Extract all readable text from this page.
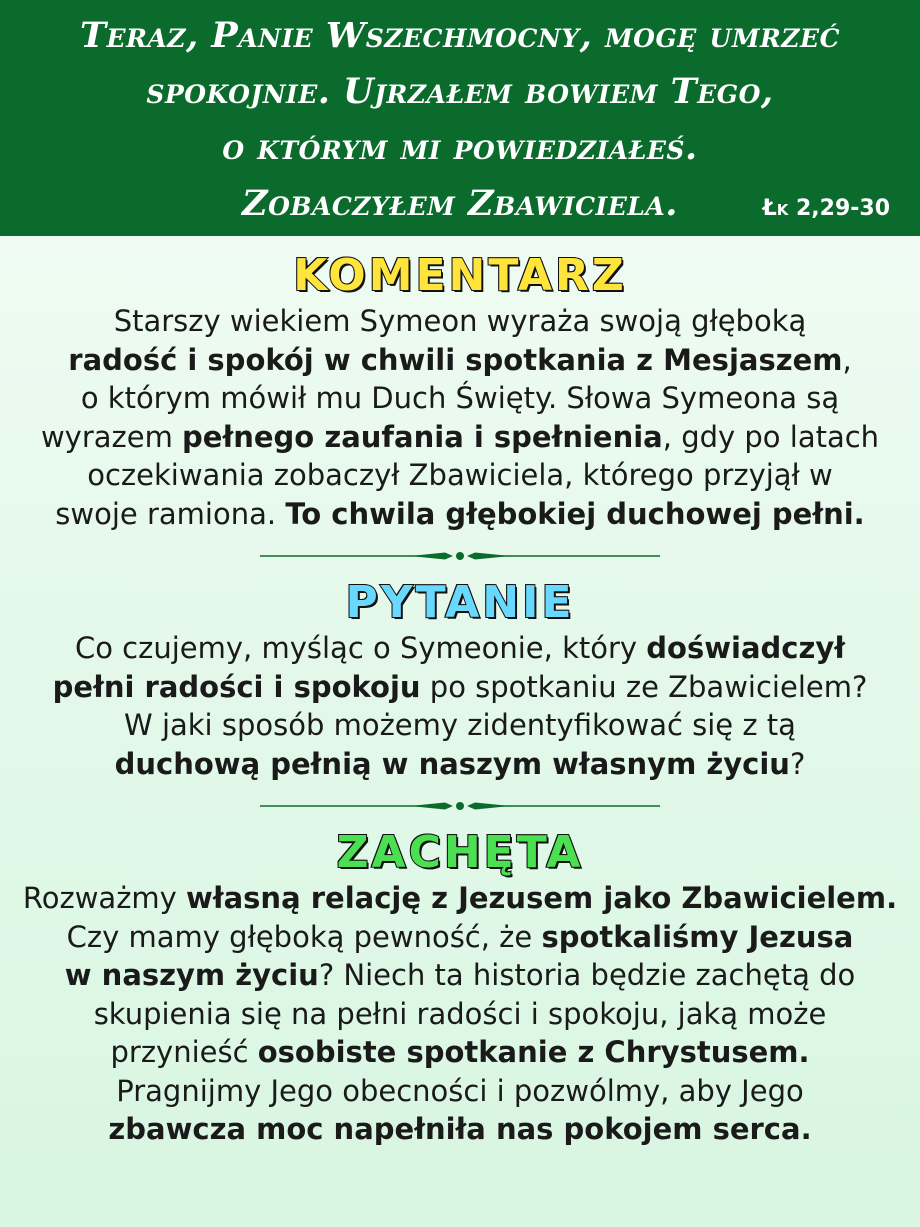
Teraz, Panie Wszechmocny, mogę umrzeć
spokojnie. Ujrzałem bowiem Tego,
o którym mi powiedziałeś.
Zobaczyłem Zbawiciela.	Łk 2,29-30
KOMENTARZ
Starszy wiekiem Symeon wyraża swoją głęboką
radość i spokój w chwili spotkania z Mesjaszem,
o którym mówił mu Duch Święty. Słowa Symeona są
wyrazem pełnego zaufania i spełnienia, gdy po latach
oczekiwania zobaczył Zbawiciela, którego przyjął w
swoje ramiona. To chwila głębokiej duchowej pełni.
PYTANIE
Co czujemy, myśląc o Symeonie, który doświadczył
pełni radości i spokoju po spotkaniu ze Zbawicielem?
W jaki sposób możemy zidentyfikować się z tą
duchową pełnią w naszym własnym życiu?
ZACHĘTA
Rozważmy własną relację z Jezusem jako Zbawicielem.
Czy mamy głęboką pewność, że spotkaliśmy Jezusa
w naszym życiu? Niech ta historia będzie zachętą do
skupienia się na pełni radości i spokoju, jaką może
przynieść osobiste spotkanie z Chrystusem.
Pragnijmy Jego obecności i pozwólmy, aby Jego
zbawcza moc napełniła nas pokojem serca.
